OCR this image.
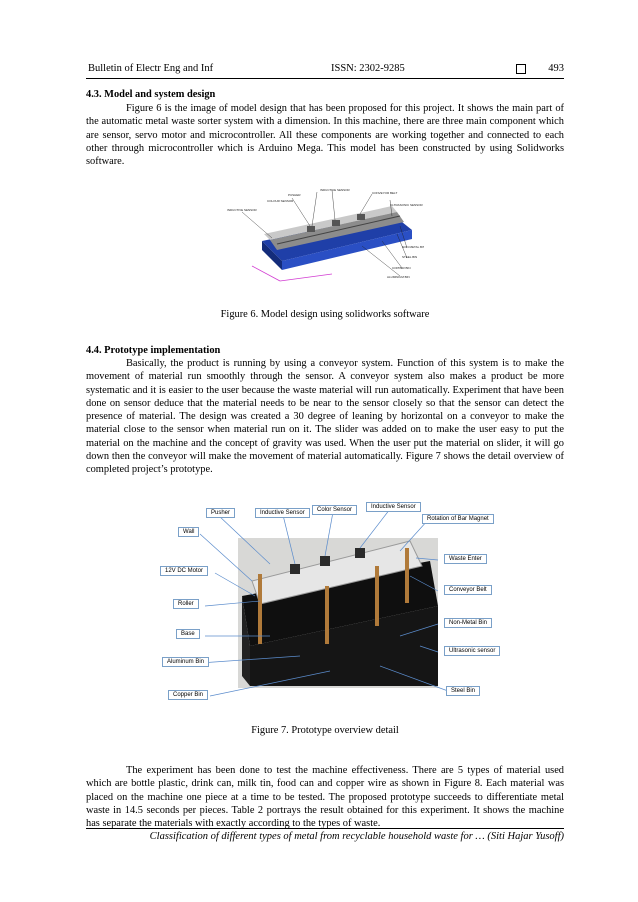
Bulletin of Electr Eng and Inf	ISSN: 2302-9285	493
4.3. Model and system design
Figure 6 is the image of model design that has been proposed for this project. It shows the main part of the automatic metal waste sorter system with a dimension. In this machine, there are three main component which are sensor, servo motor and microcontroller. All these components are working together and connected to each other through microcontroller which is Arduino Mega. This model has been constructed by using Solidworks software.
PUSHER
INDUCTIVE SENSOR
COLOUR SENSOR
CONVEYOR BELT
INDUCTIVE SENSOR
ULTRASONIC SENSOR
NON METAL BIN
STEEL BIN
COPPER BIN
ALUMINIUM BIN
Figure 6. Model design using solidworks software
4.4. Prototype implementation
Basically, the product is running by using a conveyor system. Function of this system is to make the movement of material run smoothly through the sensor. A conveyor system also makes a product be more systematic and it is easier to the user because the waste material will run automatically. Experiment that have been done on sensor deduce that the material needs to be near to the sensor closely so that the sensor can detect the presence of material. The design was created a 30 degree of leaning by horizontal on a conveyor to make the material close to the sensor when material run on it. The slider was added on to make the user easy to put the material on the machine and the concept of gravity was used. When the user put the material on slider, it will go down then the conveyor will make the movement of material automatically. Figure 7 shows the detail overview of completed project’s prototype.
Pusher	Inductive Sensor	Color Sensor	Inductive Sensor
Rotation of Bar Magnet
Wall
Waste Enter
12V DC Motor
Conveyor Belt
Roller
Non-Metal Bin
Base
Ultrasonic sensor
Aluminum Bin
Steel Bin
Copper Bin
Figure 7. Prototype overview detail
The experiment has been done to test the machine effectiveness. There are 5 types of material used which are bottle plastic, drink can, milk tin, food can and copper wire as shown in Figure 8. Each material was placed on the machine one piece at a time to be tested. The proposed prototype succeeds to differentiate metal waste in 14.5 seconds per pieces. Table 2 portrays the result obtained for this experiment. It shows the machine has separate the materials with exactly according to the types of waste.
Classification of different types of metal from recyclable household waste for … (Siti Hajar Yusoff)
